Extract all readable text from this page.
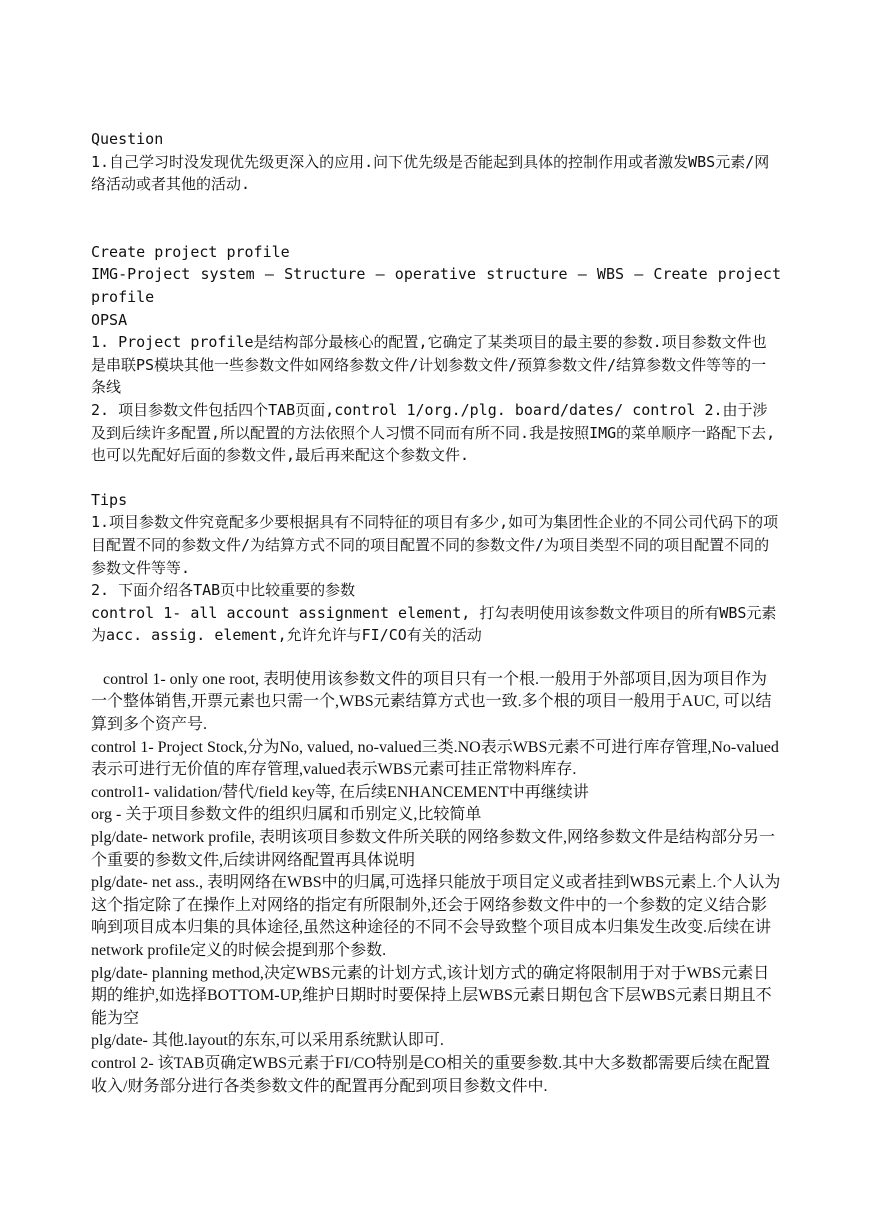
Question

1.自己学习时没发现优先级更深入的应用.问下优先级是否能起到具体的控制作用或者激发WBS元素/网络活动或者其他的活动.

Create project profile

IMG-Project system – Structure – operative structure – WBS – Create project profile

OPSA

1. Project profile是结构部分最核心的配置,它确定了某类项目的最主要的参数.项目参数文件也是串联PS模块其他一些参数文件如网络参数文件/计划参数文件/预算参数文件/结算参数文件等等的一条线

2. 项目参数文件包括四个TAB页面,control 1/org./plg. board/dates/ control 2.由于涉及到后续许多配置,所以配置的方法依照个人习惯不同而有所不同.我是按照IMG的菜单顺序一路配下去,也可以先配好后面的参数文件,最后再来配这个参数文件.

Tips

1.项目参数文件究竟配多少要根据具有不同特征的项目有多少,如可为集团性企业的不同公司代码下的项目配置不同的参数文件/为结算方式不同的项目配置不同的参数文件/为项目类型不同的项目配置不同的参数文件等等.

2. 下面介绍各TAB页中比较重要的参数

control 1- all account assignment element, 打勾表明使用该参数文件项目的所有WBS元素为acc. assig. element,允许允许与FI/CO有关的活动

control 1- only one root, 表明使用该参数文件的项目只有一个根.一般用于外部项目,因为项目作为一个整体销售,开票元素也只需一个,WBS元素结算方式也一致.多个根的项目一般用于AUC, 可以结算到多个资产号.

control 1- Project Stock,分为No, valued, no-valued三类.NO表示WBS元素不可进行库存管理,No-valued表示可进行无价值的库存管理,valued表示WBS元素可挂正常物料库存.

control1- validation/替代/field key等, 在后续ENHANCEMENT中再继续讲

org - 关于项目参数文件的组织归属和币别定义,比较简单

plg/date- network profile, 表明该项目参数文件所关联的网络参数文件,网络参数文件是结构部分另一个重要的参数文件,后续讲网络配置再具体说明

plg/date- net ass., 表明网络在WBS中的归属,可选择只能放于项目定义或者挂到WBS元素上.个人认为这个指定除了在操作上对网络的指定有所限制外,还会于网络参数文件中的一个参数的定义结合影响到项目成本归集的具体途径,虽然这种途径的不同不会导致整个项目成本归集发生改变.后续在讲network profile定义的时候会提到那个参数.

plg/date- planning method,决定WBS元素的计划方式,该计划方式的确定将限制用于对于WBS元素日期的维护,如选择BOTTOM-UP,维护日期时时要保持上层WBS元素日期包含下层WBS元素日期且不能为空

plg/date- 其他.layout的东东,可以采用系统默认即可.

control 2- 该TAB页确定WBS元素于FI/CO特别是CO相关的重要参数.其中大多数都需要后续在配置收入/财务部分进行各类参数文件的配置再分配到项目参数文件中.
